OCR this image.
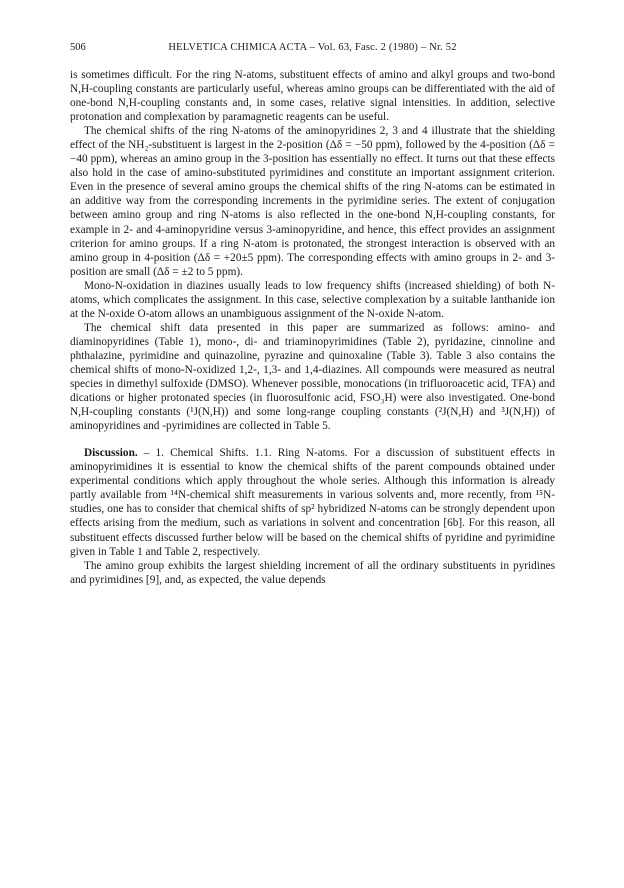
506	HELVETICA CHIMICA ACTA – Vol. 63, Fasc. 2 (1980) – Nr. 52

is sometimes difficult. For the ring N-atoms, substituent effects of amino and alkyl groups and two-bond N,H-coupling constants are particularly useful, whereas amino groups can be differentiated with the aid of one-bond N,H-coupling constants and, in some cases, relative signal intensities. In addition, selective protonation and complexation by paramagnetic reagents can be useful.

The chemical shifts of the ring N-atoms of the aminopyridines 2, 3 and 4 illustrate that the shielding effect of the NH₂-substituent is largest in the 2-position (Δδ = −50 ppm), followed by the 4-position (Δδ = −40 ppm), whereas an amino group in the 3-position has essentially no effect. It turns out that these effects also hold in the case of amino-substituted pyrimidines and constitute an important assignment criterion. Even in the presence of several amino groups the chemical shifts of the ring N-atoms can be estimated in an additive way from the corresponding increments in the pyrimidine series. The extent of conjugation between amino group and ring N-atoms is also reflected in the one-bond N,H-coupling constants, for example in 2- and 4-aminopyridine versus 3-aminopyridine, and hence, this effect provides an assignment criterion for amino groups. If a ring N-atom is protonated, the strongest interaction is observed with an amino group in 4-position (Δδ = +20±5 ppm). The corresponding effects with amino groups in 2- and 3-position are small (Δδ = ±2 to 5 ppm).

Mono-N-oxidation in diazines usually leads to low frequency shifts (increased shielding) of both N-atoms, which complicates the assignment. In this case, selective complexation by a suitable lanthanide ion at the N-oxide O-atom allows an unambiguous assignment of the N-oxide N-atom.

The chemical shift data presented in this paper are summarized as follows: amino- and diaminopyridines (Table 1), mono-, di- and triaminopyrimidines (Table 2), pyridazine, cinnoline and phthalazine, pyrimidine and quinazoline, pyrazine and quinoxaline (Table 3). Table 3 also contains the chemical shifts of mono-N-oxidized 1,2-, 1,3- and 1,4-diazines. All compounds were measured as neutral species in dimethyl sulfoxide (DMSO). Whenever possible, monocations (in trifluoroacetic acid, TFA) and dications or higher protonated species (in fluorosulfonic acid, FSO₃H) were also investigated. One-bond N,H-coupling constants (¹J(N,H)) and some long-range coupling constants (²J(N,H) and ³J(N,H)) of aminopyridines and -pyrimidines are collected in Table 5.

Discussion. – 1. Chemical Shifts. 1.1. Ring N-atoms. For a discussion of substituent effects in aminopyrimidines it is essential to know the chemical shifts of the parent compounds obtained under experimental conditions which apply throughout the whole series. Although this information is already partly available from ¹⁴N-chemical shift measurements in various solvents and, more recently, from ¹⁵N-studies, one has to consider that chemical shifts of sp² hybridized N-atoms can be strongly dependent upon effects arising from the medium, such as variations in solvent and concentration [6b]. For this reason, all substituent effects discussed further below will be based on the chemical shifts of pyridine and pyrimidine given in Table 1 and Table 2, respectively.

The amino group exhibits the largest shielding increment of all the ordinary substituents in pyridines and pyrimidines [9], and, as expected, the value depends
